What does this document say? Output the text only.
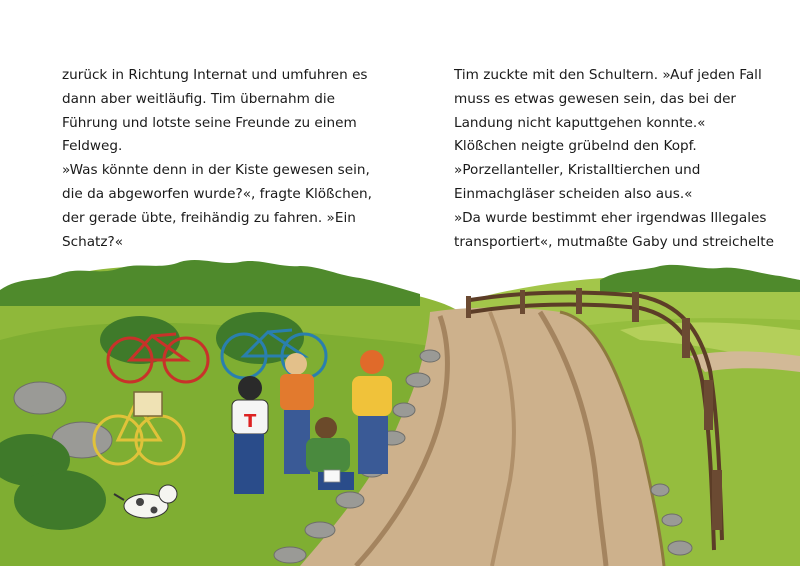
zurück in Richtung Internat und umfuhren es
dann aber weitläufig. Tim übernahm die
Führung und lotste seine Freunde zu einem
Feldweg.
»Was könnte denn in der Kiste gewesen sein,
die da abgeworfen wurde?«, fragte Klößchen,
der gerade übte, freihändig zu fahren. »Ein
Schatz?«
Tim zuckte mit den Schultern. »Auf jeden Fall
muss es etwas gewesen sein, das bei der
Landung nicht kaputtgehen konnte.«
Klößchen neigte grübelnd den Kopf.
»Porzellanteller, Kristalltierchen und
Einmachgläser scheiden also aus.«
»Da wurde bestimmt eher irgendwas Illegales
transportiert«, mutmaßte Gaby und streichelte
T
